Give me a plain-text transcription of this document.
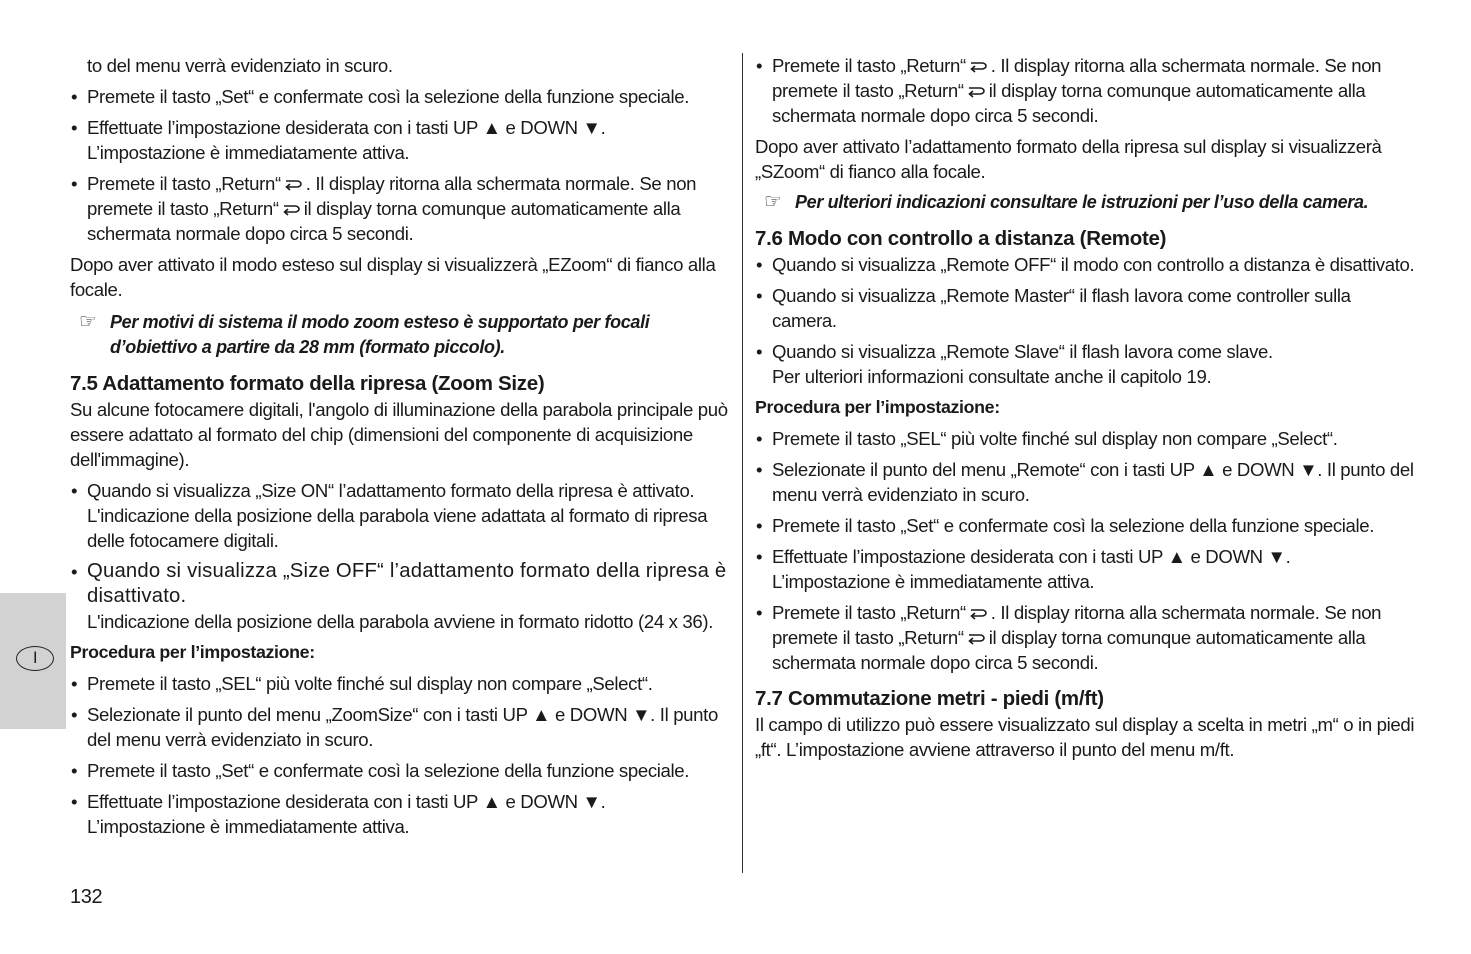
I

to del menu verrà evidenziato in scuro.

• Premete il tasto „Set“ e confermate così la selezione della funzione speciale.

• Effettuate l’impostazione desiderata con i tasti UP ▲ e DOWN ▼.
L’impostazione è immediatamente attiva.

• Premete il tasto „Return“ . Il display ritorna alla schermata normale. Se non premete il tasto „Return“ il display torna comunque automaticamente alla schermata normale dopo circa 5 secondi.

Dopo aver attivato il modo esteso sul display si visualizzerà „EZoom“ di fianco alla focale.

☞ Per motivi di sistema il modo zoom esteso è supportato per focali d’obiettivo a partire da 28 mm (formato piccolo).

7.5 Adattamento formato della ripresa (Zoom Size)

Su alcune fotocamere digitali, l'angolo di illuminazione della parabola principale può essere adattato al formato del chip (dimensioni del componente di acquisizione dell'immagine).

• Quando si visualizza „Size ON“ l’adattamento formato della ripresa è attivato.
L'indicazione della posizione della parabola viene adattata al formato di ripresa delle fotocamere digitali.
• Quando si visualizza „Size OFF“ l’adattamento formato della ripresa è disattivato.
L'indicazione della posizione della parabola avviene in formato ridotto (24 x 36).

Procedura per l’impostazione:

• Premete il tasto „SEL“ più volte finché sul display non compare „Select“.

• Selezionate il punto del menu „ZoomSize“ con i tasti UP ▲ e DOWN ▼. Il punto del menu verrà evidenziato in scuro.

• Premete il tasto „Set“ e confermate così la selezione della funzione speciale.

• Effettuate l’impostazione desiderata con i tasti UP ▲ e DOWN ▼.
L’impostazione è immediatamente attiva.

• Premete il tasto „Return“ . Il display ritorna alla schermata normale. Se non premete il tasto „Return“ il display torna comunque automaticamente alla schermata normale dopo circa 5 secondi.

Dopo aver attivato l’adattamento formato della ripresa sul display si visualizzerà „SZoom“ di fianco alla focale.

☞ Per ulteriori indicazioni consultare le istruzioni per l’uso della camera.

7.6 Modo con controllo a distanza (Remote)

• Quando si visualizza „Remote OFF“ il modo con controllo a distanza è disattivato.

• Quando si visualizza „Remote Master“ il flash lavora come controller sulla camera.

• Quando si visualizza „Remote Slave“ il flash lavora come slave.
Per ulteriori informazioni consultate anche il capitolo 19.

Procedura per l’impostazione:

• Premete il tasto „SEL“ più volte finché sul display non compare „Select“.

• Selezionate il punto del menu „Remote“ con i tasti UP ▲ e DOWN ▼. Il punto del menu verrà evidenziato in scuro.

• Premete il tasto „Set“ e confermate così la selezione della funzione speciale.

• Effettuate l’impostazione desiderata con i tasti UP ▲ e DOWN ▼.
L’impostazione è immediatamente attiva.

• Premete il tasto „Return“ . Il display ritorna alla schermata normale. Se non premete il tasto „Return“ il display torna comunque automaticamente alla schermata normale dopo circa 5 secondi.

7.7 Commutazione metri - piedi (m/ft)

Il campo di utilizzo può essere visualizzato sul display a scelta in metri „m“ o in piedi „ft“. L’impostazione avviene attraverso il punto del menu m/ft.

132
